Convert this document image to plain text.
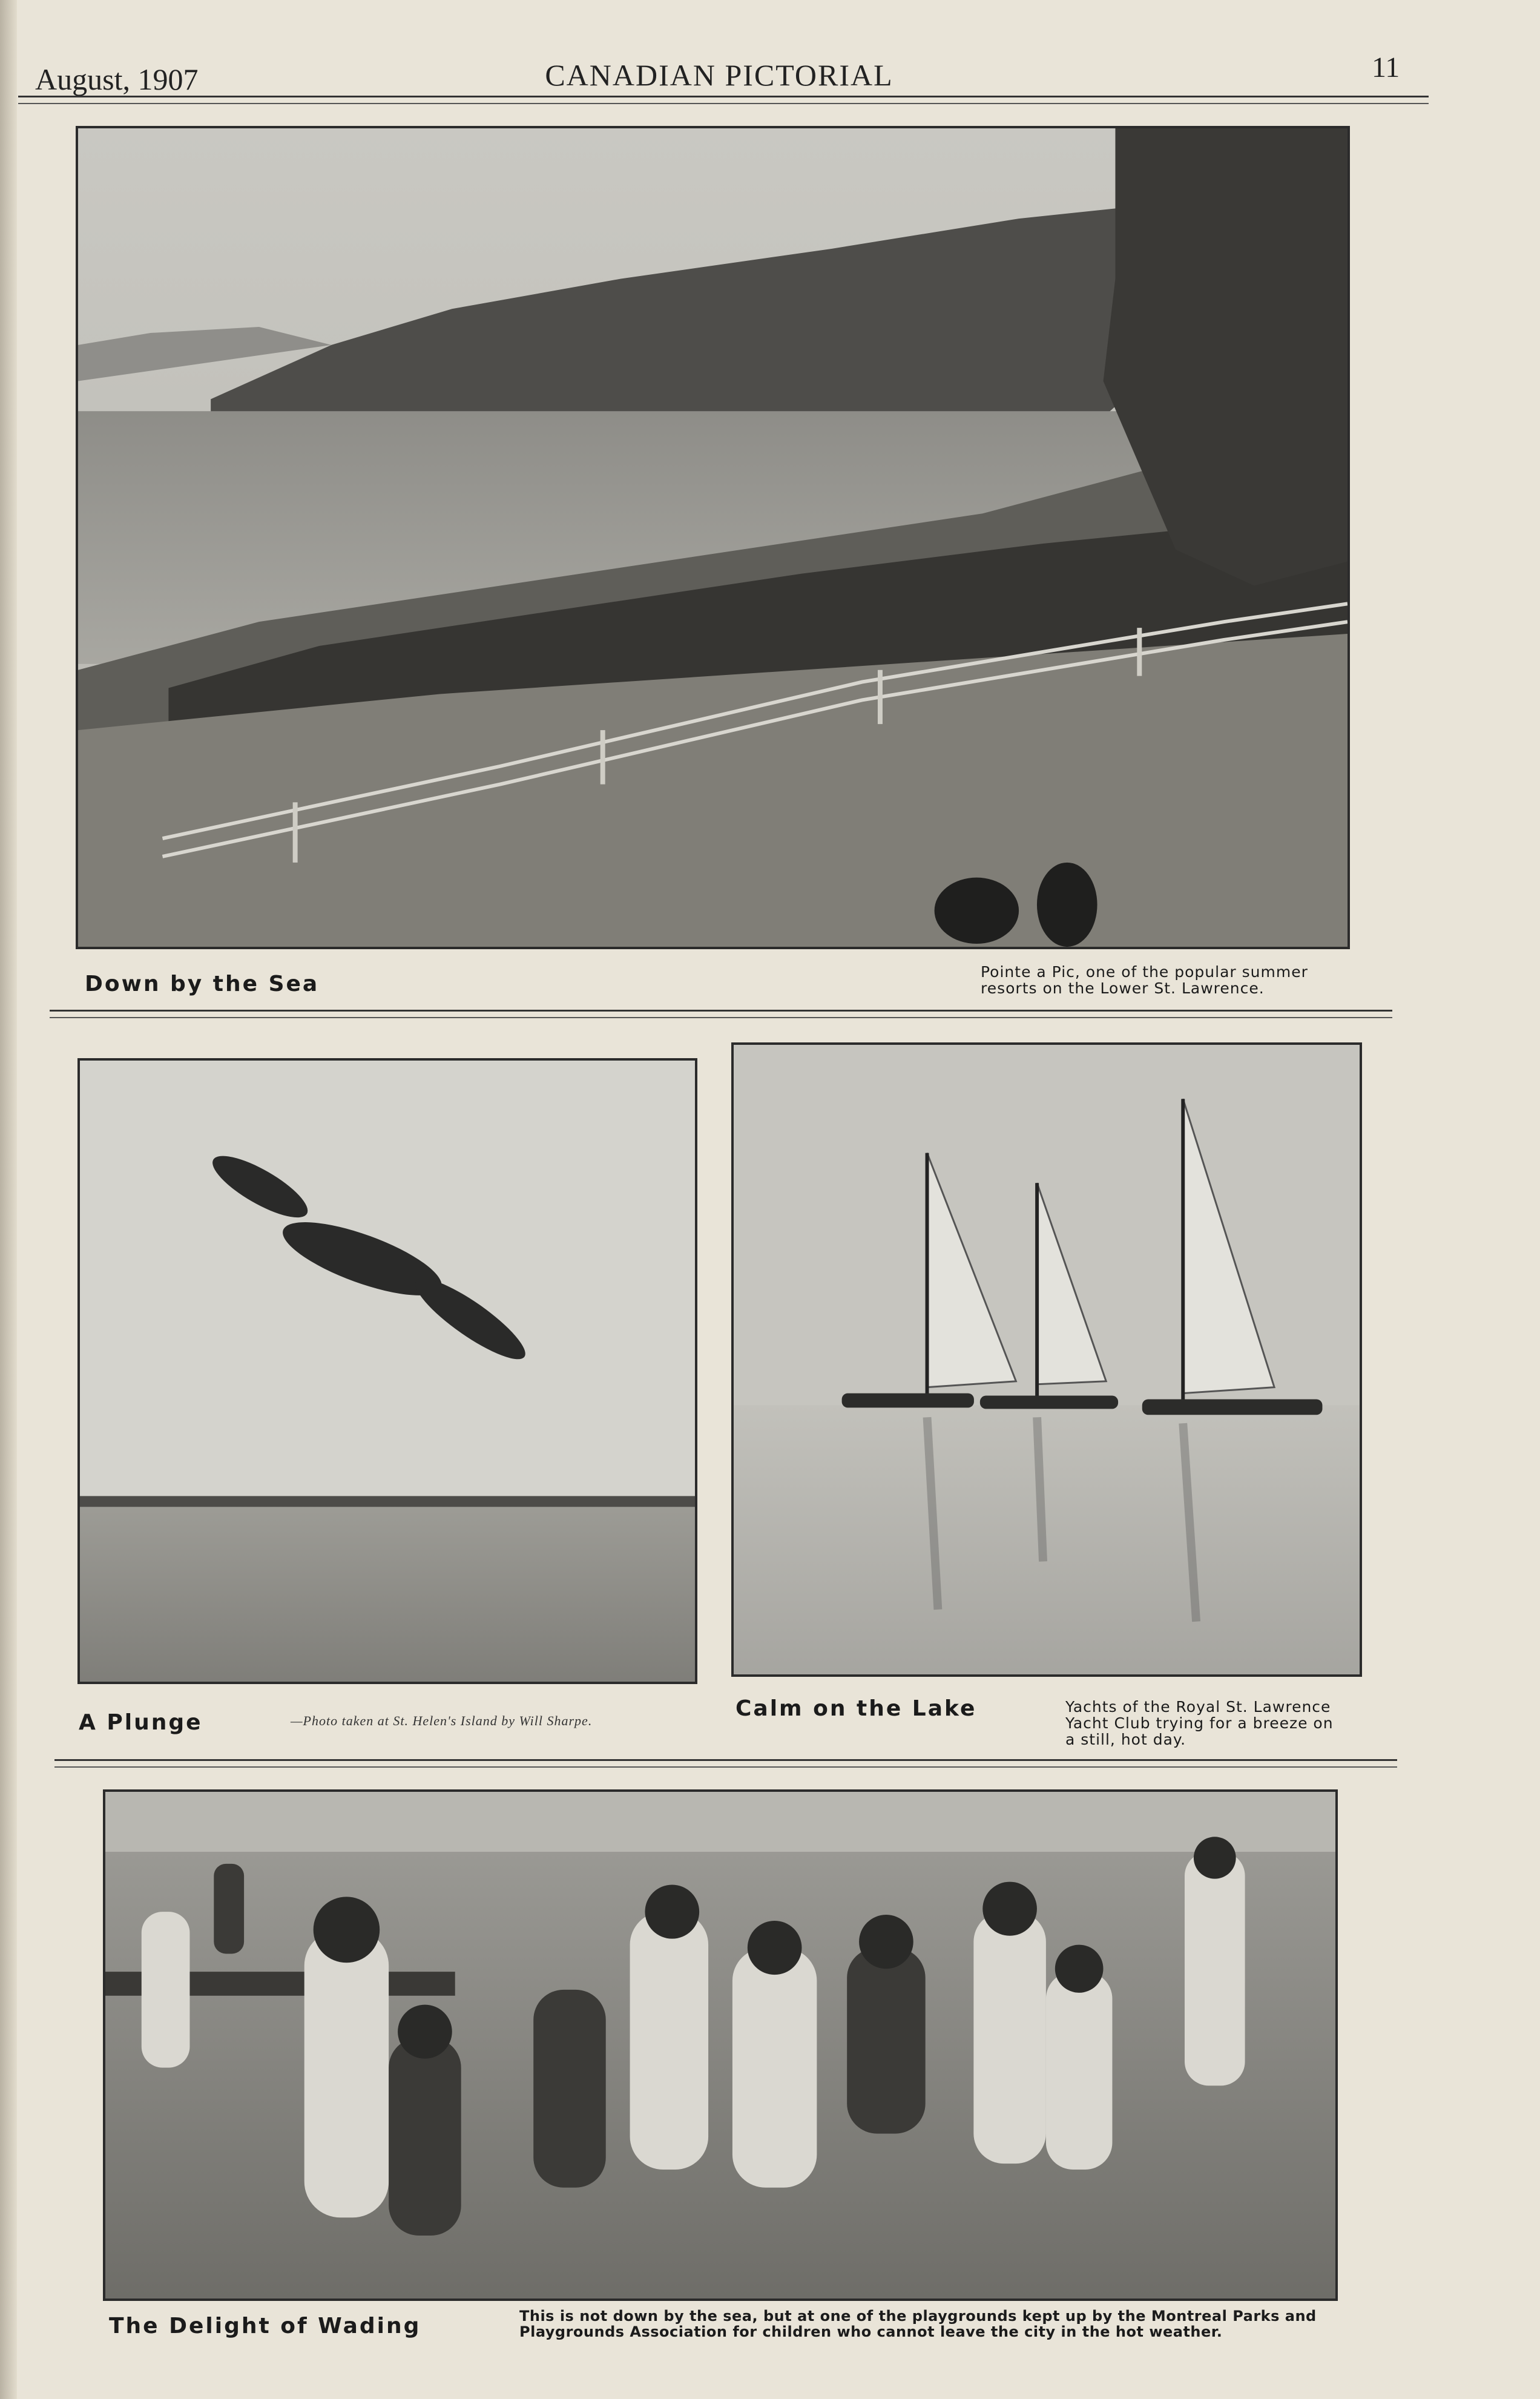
August, 1907	CANADIAN PICTORIAL	11
Down by the Sea	Pointe a Pic, one of the popular summer
resorts on the Lower St. Lawrence.
A Plunge	—Photo taken at St. Helen's Island by Will Sharpe.	Calm on the Lake	Yachts of the Royal St. Lawrence
Yacht Club trying for a breeze on
a still, hot day.
The Delight of Wading	This is not down by the sea, but at one of the playgrounds kept up by the Montreal Parks and
Playgrounds Association for children who cannot leave the city in the hot weather.
